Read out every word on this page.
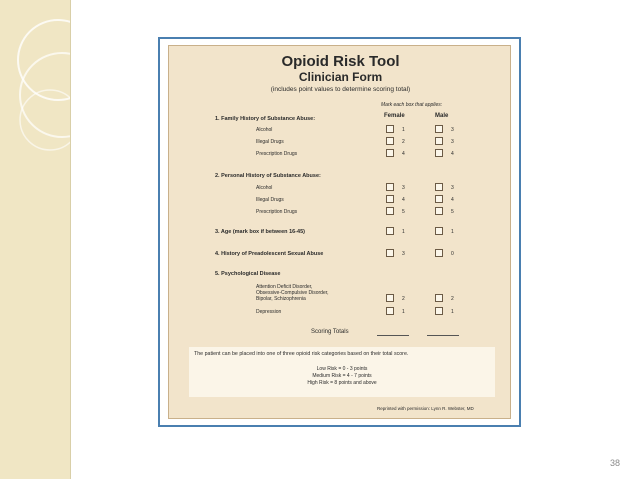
Opioid Risk Tool
Clinician Form
(includes point values to determine scoring total)
Mark each box that applies:
Female	Male
1. Family History of Substance Abuse:
Alcohol	1	3
Illegal Drugs	2	3
Prescription Drugs	4	4
2. Personal History of Substance Abuse:
Alcohol	3	3
Illegal Drugs	4	4
Prescription Drugs	5	5
3. Age (mark box if between 16-45)	1	1
4. History of Preadolescent Sexual Abuse	3	0
5. Psychological Disease
Attention Deficit Disorder,
Obsessive-Compulsive Disorder,
Bipolar, Schizophrenia	2	2
Depression	1	1
Scoring Totals
The patient can be placed into one of three opioid risk categories based on their total score.
Low Risk = 0 - 3 points
Medium Risk = 4 - 7 points
High Risk = 8 points and above
Reprinted with permission: Lynn R. Webster, MD
38
